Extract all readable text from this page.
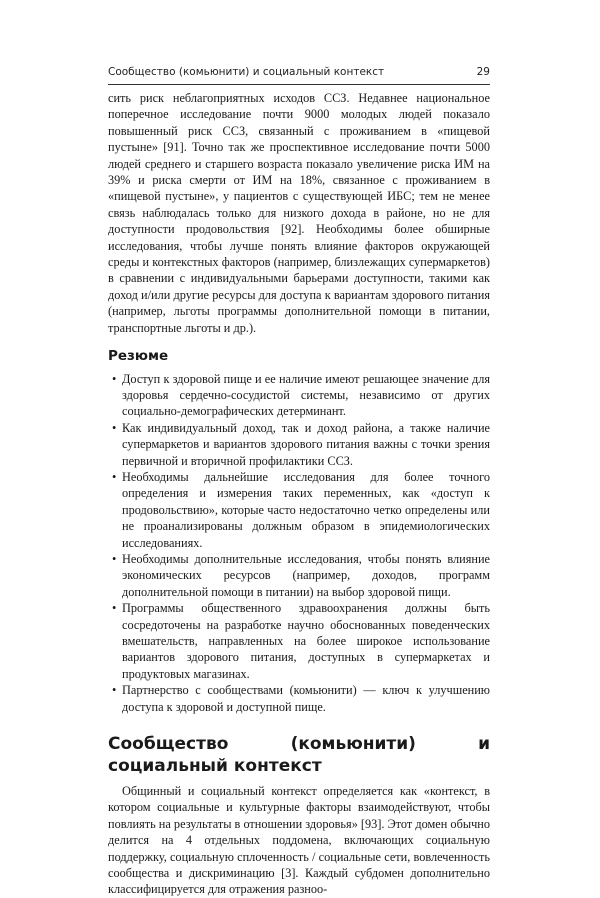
Сообщество (комьюнити) и социальный контекст	29

сить риск неблагоприятных исходов ССЗ. Недавнее национальное поперечное исследование почти 9000 молодых людей показало повышенный риск ССЗ, связанный с проживанием в «пищевой пустыне» [91]. Точно так же проспективное исследование почти 5000 людей среднего и старшего возраста показало увеличение риска ИМ на 39% и риска смерти от ИМ на 18%, связанное с проживанием в «пищевой пустыне», у пациентов с существующей ИБС; тем не менее связь наблюдалась только для низкого дохода в районе, но не для доступности продовольствия [92]. Необходимы более обширные исследования, чтобы лучше понять влияние факторов окружающей среды и контекстных факторов (например, близлежащих супермаркетов) в сравнении с индивидуальными барьерами доступности, такими как доход и/или другие ресурсы для доступа к вариантам здорового питания (например, льготы программы дополнительной помощи в питании, транспортные льготы и др.).

Резюме
• Доступ к здоровой пище и ее наличие имеют решающее значение для здоровья сердечно-сосудистой системы, независимо от других социально-демографических детерминант.
• Как индивидуальный доход, так и доход района, а также наличие супермаркетов и вариантов здорового питания важны с точки зрения первичной и вторичной профилактики ССЗ.
• Необходимы дальнейшие исследования для более точного определения и измерения таких переменных, как «доступ к продовольствию», которые часто недостаточно четко определены или не проанализированы должным образом в эпидемиологических исследованиях.
• Необходимы дополнительные исследования, чтобы понять влияние экономических ресурсов (например, доходов, программ дополнительной помощи в питании) на выбор здоровой пищи.
• Программы общественного здравоохранения должны быть сосредоточены на разработке научно обоснованных поведенческих вмешательств, направленных на более широкое использование вариантов здорового питания, доступных в супермаркетах и продуктовых магазинах.
• Партнерство с сообществами (комьюнити) — ключ к улучшению доступа к здоровой и доступной пище.
Сообщество (комьюнити) и социальный контекст

Общинный и социальный контекст определяется как «контекст, в котором социальные и культурные факторы взаимодействуют, чтобы повлиять на результаты в отношении здоровья» [93]. Этот домен обычно делится на 4 отдельных поддомена, включающих социальную поддержку, социальную сплоченность / социальные сети, вовлеченность сообщества и дискриминацию [3]. Каждый субдомен дополнительно классифицируется для отражения разноо-
